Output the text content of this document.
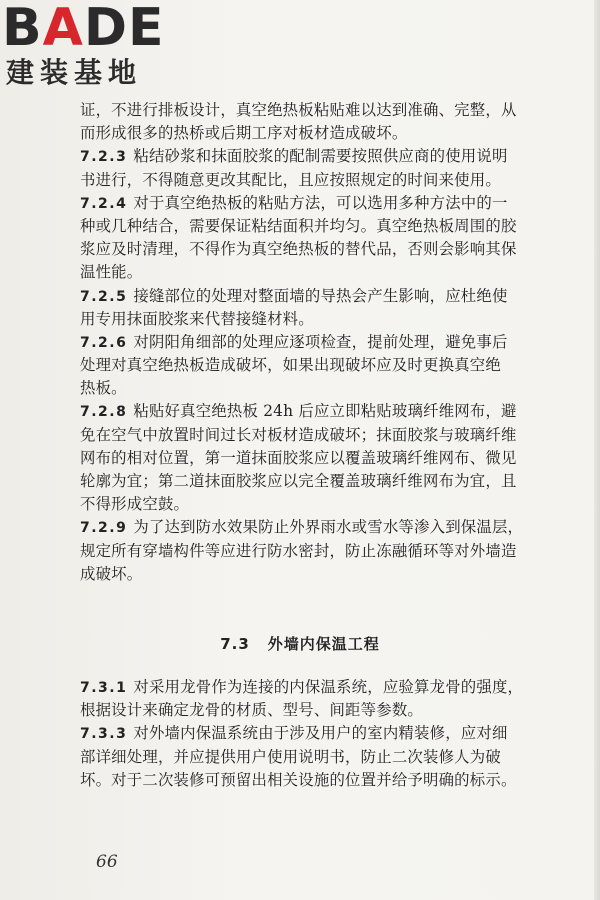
BADE
建装基地
证，不进行排板设计，真空绝热板粘贴难以达到准确、完整，从
而形成很多的热桥或后期工序对板材造成破坏。
7.2.3 粘结砂浆和抹面胶浆的配制需要按照供应商的使用说明
书进行，不得随意更改其配比，且应按照规定的时间来使用。
7.2.4 对于真空绝热板的粘贴方法，可以选用多种方法中的一
种或几种结合，需要保证粘结面积并均匀。真空绝热板周围的胶
浆应及时清理，不得作为真空绝热板的替代品，否则会影响其保
温性能。
7.2.5 接缝部位的处理对整面墙的导热会产生影响，应杜绝使
用专用抹面胶浆来代替接缝材料。
7.2.6 对阴阳角细部的处理应逐项检查，提前处理，避免事后
处理对真空绝热板造成破坏，如果出现破坏应及时更换真空绝
热板。
7.2.8 粘贴好真空绝热板 24h 后应立即粘贴玻璃纤维网布，避
免在空气中放置时间过长对板材造成破坏；抹面胶浆与玻璃纤维
网布的相对位置，第一道抹面胶浆应以覆盖玻璃纤维网布、微见
轮廓为宜；第二道抹面胶浆应以完全覆盖玻璃纤维网布为宜，且
不得形成空鼓。
7.2.9 为了达到防水效果防止外界雨水或雪水等渗入到保温层，
规定所有穿墙构件等应进行防水密封，防止冻融循环等对外墙造
成破坏。
7.3 外墙内保温工程
7.3.1 对采用龙骨作为连接的内保温系统，应验算龙骨的强度，
根据设计来确定龙骨的材质、型号、间距等参数。
7.3.3 对外墙内保温系统由于涉及用户的室内精装修，应对细
部详细处理，并应提供用户使用说明书，防止二次装修人为破
坏。对于二次装修可预留出相关设施的位置并给予明确的标示。
66
